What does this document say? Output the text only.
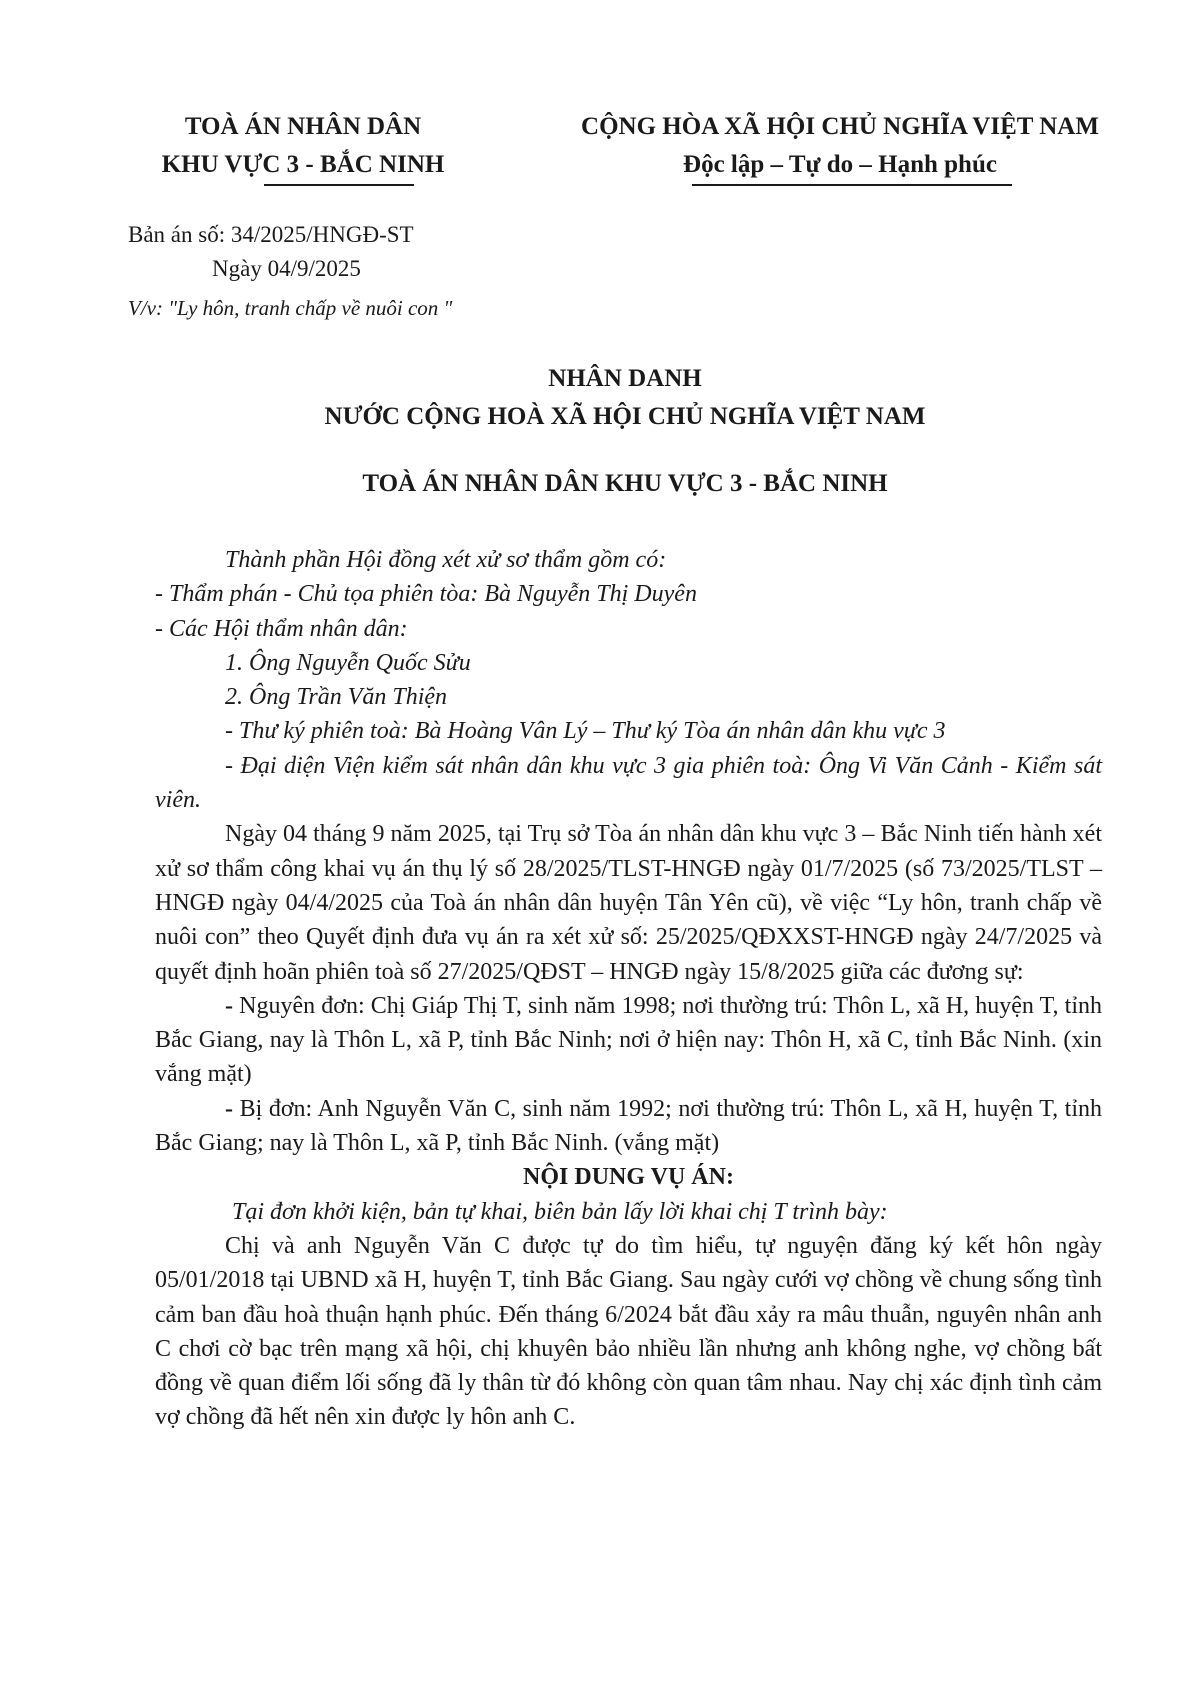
TOÀ ÁN NHÂN DÂN
KHU VỰC 3 - BẮC NINH
CỘNG HÒA XÃ HỘI CHỦ NGHĨA VIỆT NAM
Độc lập – Tự do – Hạnh phúc
Bản án số: 34/2025/HNGĐ-ST
Ngày 04/9/2025
V/v: "Ly hôn, tranh chấp về nuôi con "
NHÂN DANH
NƯỚC CỘNG HOÀ XÃ HỘI CHỦ NGHĨA VIỆT NAM
TOÀ ÁN NHÂN DÂN KHU VỰC 3 - BẮC NINH

Thành phần Hội đồng xét xử sơ thẩm gồm có:

- Thẩm phán - Chủ tọa phiên tòa: Bà Nguyễn Thị Duyên

- Các Hội thẩm nhân dân:

1. Ông Nguyễn Quốc Sửu

2. Ông Trần Văn Thiện

- Thư ký phiên toà: Bà Hoàng Vân Lý – Thư ký Tòa án nhân dân khu vực 3

- Đại diện Viện kiểm sát nhân dân khu vực 3 gia phiên toà: Ông Vi Văn Cảnh - Kiểm sát viên.

Ngày 04 tháng 9 năm 2025, tại Trụ sở Tòa án nhân dân khu vực 3 – Bắc Ninh tiến hành xét xử sơ thẩm công khai vụ án thụ lý số 28/2025/TLST-HNGĐ ngày 01/7/2025 (số 73/2025/TLST – HNGĐ ngày 04/4/2025 của Toà án nhân dân huyện Tân Yên cũ), về việc “Ly hôn, tranh chấp về nuôi con” theo Quyết định đưa vụ án ra xét xử số: 25/2025/QĐXXST-HNGĐ ngày 24/7/2025 và quyết định hoãn phiên toà số 27/2025/QĐST – HNGĐ ngày 15/8/2025 giữa các đương sự:

- Nguyên đơn: Chị Giáp Thị T, sinh năm 1998; nơi thường trú: Thôn L, xã H, huyện T, tỉnh Bắc Giang, nay là Thôn L, xã P, tỉnh Bắc Ninh; nơi ở hiện nay: Thôn H, xã C, tỉnh Bắc Ninh. (xin vắng mặt)

- Bị đơn: Anh Nguyễn Văn C, sinh năm 1992; nơi thường trú: Thôn L, xã H, huyện T, tỉnh Bắc Giang; nay là Thôn L, xã P, tỉnh Bắc Ninh. (vắng mặt)

NỘI DUNG VỤ ÁN:

Tại đơn khởi kiện, bản tự khai, biên bản lấy lời khai chị T trình bày:

Chị và anh Nguyễn Văn C được tự do tìm hiểu, tự nguyện đăng ký kết hôn ngày 05/01/2018 tại UBND xã H, huyện T, tỉnh Bắc Giang. Sau ngày cưới vợ chồng về chung sống tình cảm ban đầu hoà thuận hạnh phúc. Đến tháng 6/2024 bắt đầu xảy ra mâu thuẫn, nguyên nhân anh C chơi cờ bạc trên mạng xã hội, chị khuyên bảo nhiều lần nhưng anh không nghe, vợ chồng bất đồng về quan điểm lối sống đã ly thân từ đó không còn quan tâm nhau. Nay chị xác định tình cảm vợ chồng đã hết nên xin được ly hôn anh C.
